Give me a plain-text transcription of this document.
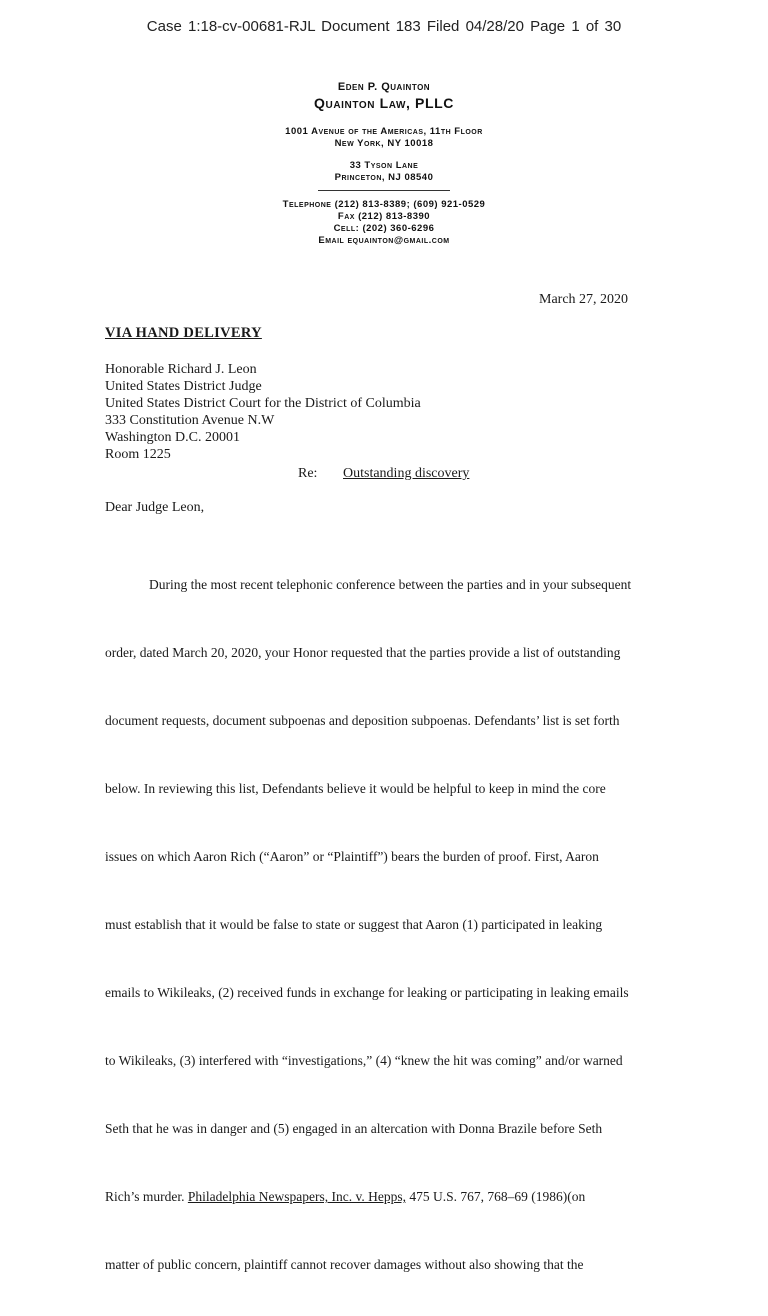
Case 1:18-cv-00681-RJL Document 183 Filed 04/28/20 Page 1 of 30
Eden P. Quainton
Quainton Law, PLLC
1001 Avenue of the Americas, 11th Floor
New York, NY 10018
33 Tyson Lane
Princeton, NJ 08540
Telephone (212) 813-8389; (609) 921-0529
Fax (212) 813-8390
Cell: (202) 360-6296
Email equainton@gmail.com
March 27, 2020
VIA HAND DELIVERY
Honorable Richard J. Leon
United States District Judge
United States District Court for the District of Columbia
333 Constitution Avenue N.W
Washington D.C. 20001
Room 1225
Re: Outstanding discovery
Dear Judge Leon,

During the most recent telephonic conference between the parties and in your subsequent

order, dated March 20, 2020, your Honor requested that the parties provide a list of outstanding

document requests, document subpoenas and deposition subpoenas. Defendants’ list is set forth

below. In reviewing this list, Defendants believe it would be helpful to keep in mind the core

issues on which Aaron Rich (“Aaron” or “Plaintiff”) bears the burden of proof. First, Aaron

must establish that it would be false to state or suggest that Aaron (1) participated in leaking

emails to Wikileaks, (2) received funds in exchange for leaking or participating in leaking emails

to Wikileaks, (3) interfered with “investigations,” (4) “knew the hit was coming” and/or warned

Seth that he was in danger and (5) engaged in an altercation with Donna Brazile before Seth

Rich’s murder. Philadelphia Newspapers, Inc. v. Hepps, 475 U.S. 767, 768–69 (1986)(on

matter of public concern, plaintiff cannot recover damages without also showing that the
